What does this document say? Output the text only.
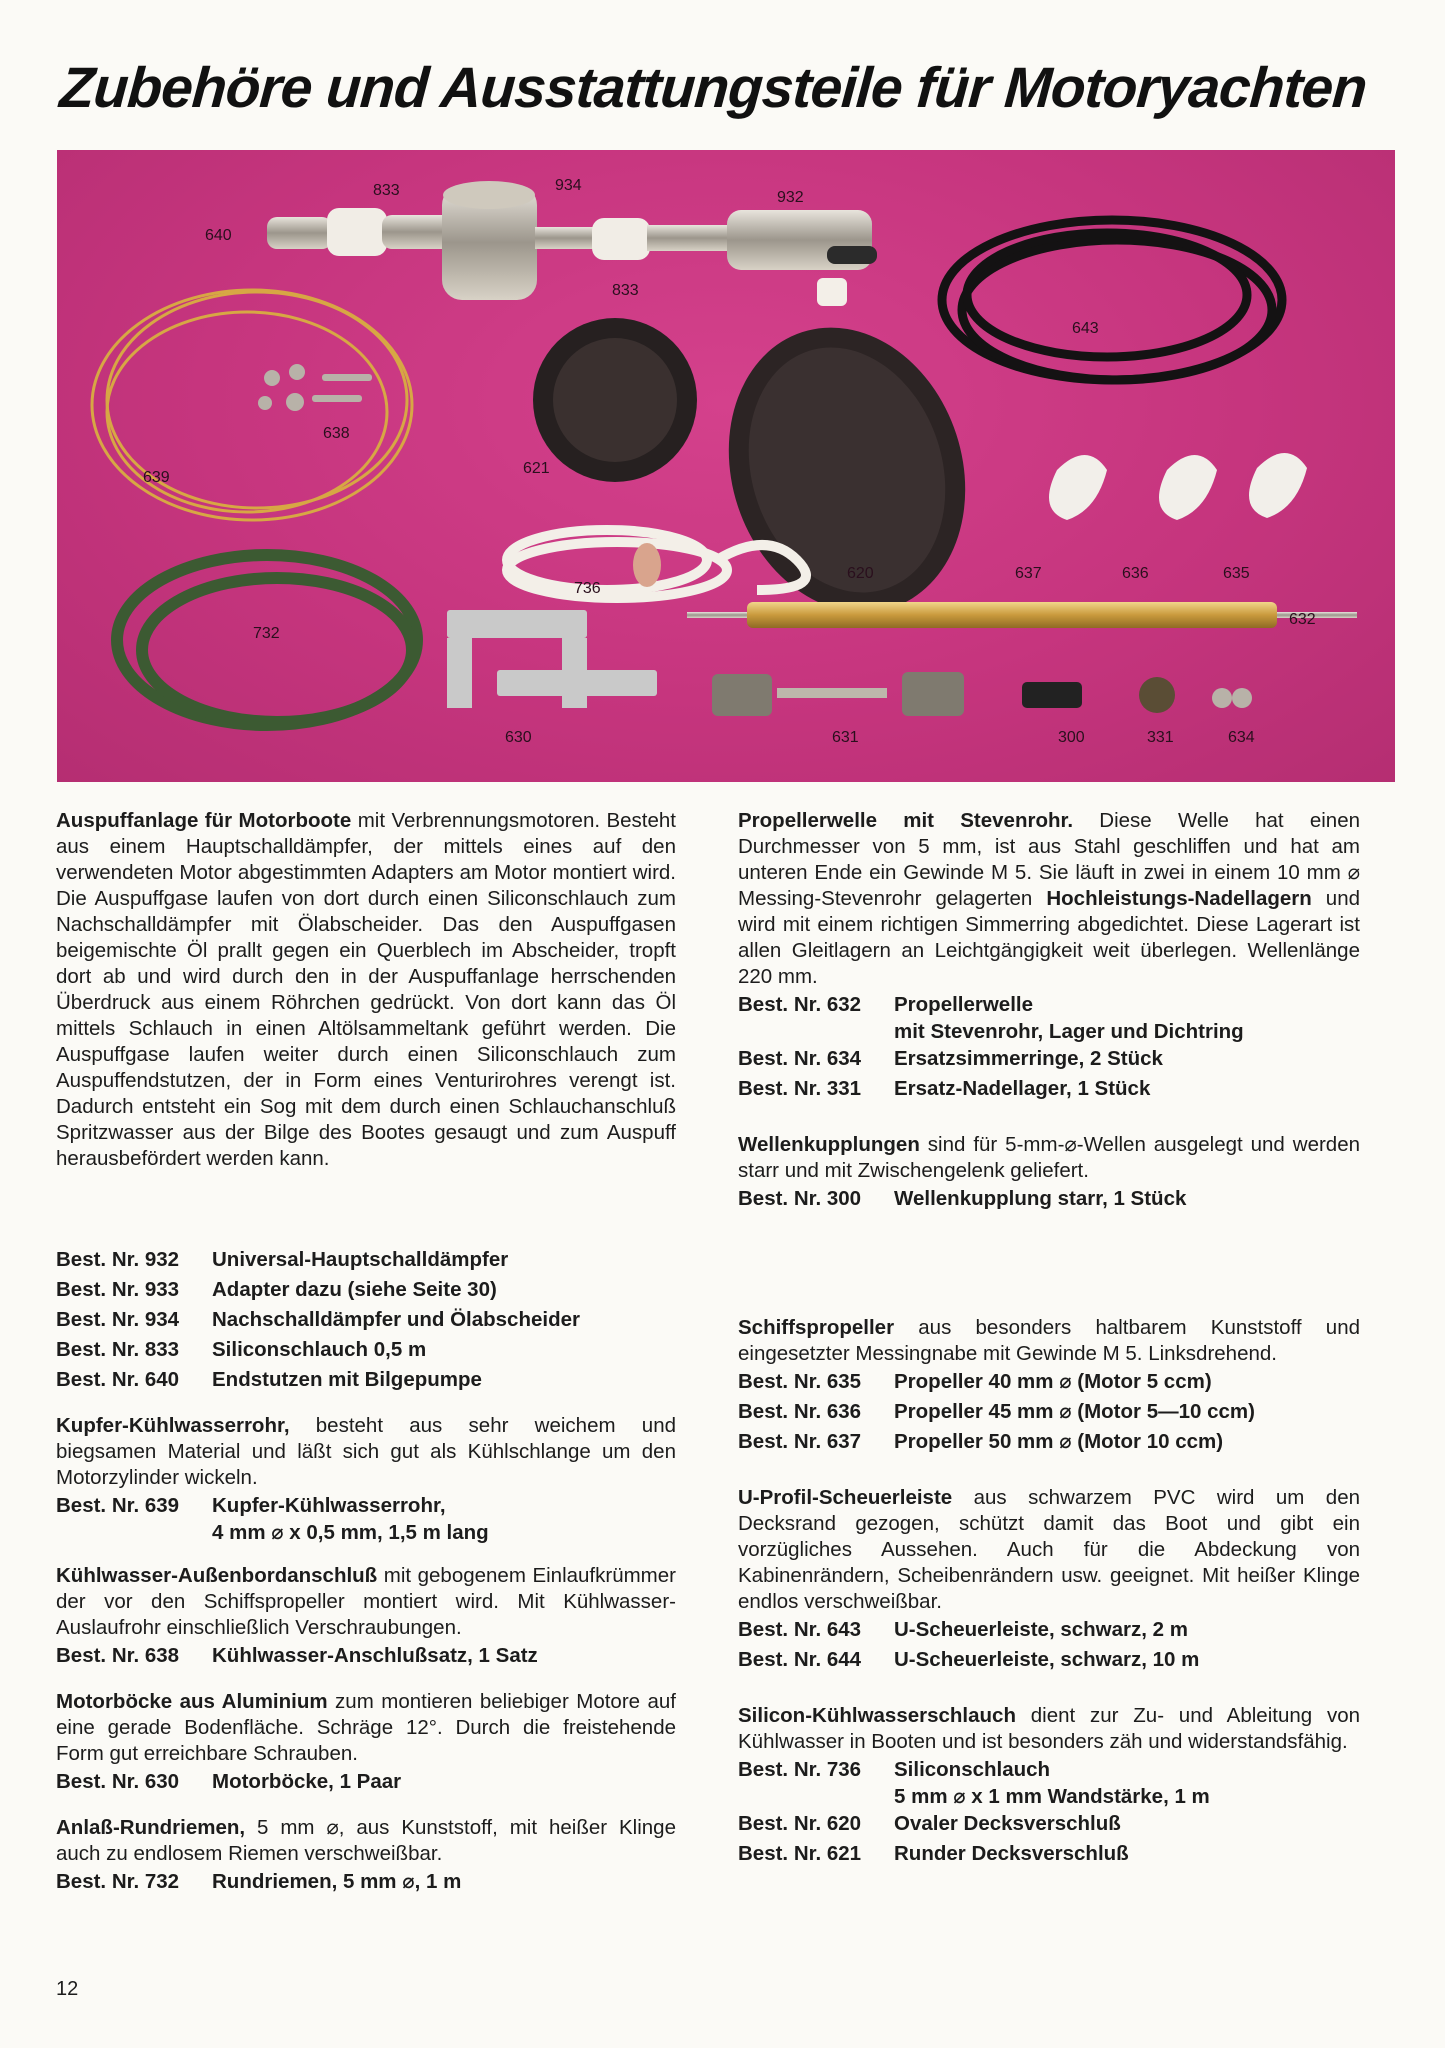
Zubehöre und Ausstattungsteile für Motoryachten
640
833	934
932
833
643
638
621
639
736
620	637	636	635
632
732
630	631	300	331	634

Auspuffanlage für Motorboote mit Verbrennungsmotoren. Besteht aus einem Hauptschalldämpfer, der mittels eines auf den verwendeten Motor abgestimmten Adapters am Motor montiert wird. Die Auspuffgase laufen von dort durch einen Siliconschlauch zum Nachschalldämpfer mit Ölabscheider. Das den Auspuffgasen beigemischte Öl prallt gegen ein Querblech im Abscheider, tropft dort ab und wird durch den in der Auspuffanlage herrschenden Überdruck aus einem Röhrchen gedrückt. Von dort kann das Öl mittels Schlauch in einen Altölsammeltank geführt werden. Die Auspuffgase laufen weiter durch einen Siliconschlauch zum Auspuffendstutzen, der in Form eines Venturirohres verengt ist. Dadurch entsteht ein Sog mit dem durch einen Schlauchanschluß Spritzwasser aus der Bilge des Bootes gesaugt und zum Auspuff herausbefördert werden kann.

Best. Nr. 932	Universal-Hauptschalldämpfer
Best. Nr. 933	Adapter dazu (siehe Seite 30)
Best. Nr. 934	Nachschalldämpfer und Ölabscheider
Best. Nr. 833	Siliconschlauch 0,5 m
Best. Nr. 640	Endstutzen mit Bilgepumpe

Kupfer-Kühlwasserrohr, besteht aus sehr weichem und biegsamen Material und läßt sich gut als Kühlschlange um den Motorzylinder wickeln.

Best. Nr. 639	Kupfer-Kühlwasserrohr,
4 mm ⌀ x 0,5 mm, 1,5 m lang

Kühlwasser-Außenbordanschluß mit gebogenem Einlaufkrümmer der vor den Schiffspropeller montiert wird. Mit Kühlwasser-Auslaufrohr einschließlich Verschraubungen.

Best. Nr. 638	Kühlwasser-Anschlußsatz, 1 Satz

Motorböcke aus Aluminium zum montieren beliebiger Motore auf eine gerade Bodenfläche. Schräge 12°. Durch die freistehende Form gut erreichbare Schrauben.

Best. Nr. 630	Motorböcke, 1 Paar

Anlaß-Rundriemen, 5 mm ⌀, aus Kunststoff, mit heißer Klinge auch zu endlosem Riemen verschweißbar.

Best. Nr. 732	Rundriemen, 5 mm ⌀, 1 m

Propellerwelle mit Stevenrohr. Diese Welle hat einen Durchmesser von 5 mm, ist aus Stahl geschliffen und hat am unteren Ende ein Gewinde M 5. Sie läuft in zwei in einem 10 mm ⌀ Messing-Stevenrohr gelagerten Hochleistungs-Nadellagern und wird mit einem richtigen Simmerring abgedichtet. Diese Lagerart ist allen Gleitlagern an Leichtgängigkeit weit überlegen. Wellenlänge 220 mm.

Best. Nr. 632	Propellerwelle
mit Stevenrohr, Lager und Dichtring
Best. Nr. 634	Ersatzsimmerringe, 2 Stück
Best. Nr. 331	Ersatz-Nadellager, 1 Stück

Wellenkupplungen sind für 5-mm-⌀-Wellen ausgelegt und werden starr und mit Zwischengelenk geliefert.

Best. Nr. 300	Wellenkupplung starr, 1 Stück

Schiffspropeller aus besonders haltbarem Kunststoff und eingesetzter Messingnabe mit Gewinde M 5. Linksdrehend.

Best. Nr. 635	Propeller 40 mm ⌀ (Motor 5 ccm)
Best. Nr. 636	Propeller 45 mm ⌀ (Motor 5—10 ccm)
Best. Nr. 637	Propeller 50 mm ⌀ (Motor 10 ccm)

U-Profil-Scheuerleiste aus schwarzem PVC wird um den Decksrand gezogen, schützt damit das Boot und gibt ein vorzügliches Aussehen. Auch für die Abdeckung von Kabinenrändern, Scheibenrändern usw. geeignet. Mit heißer Klinge endlos verschweißbar.

Best. Nr. 643	U-Scheuerleiste, schwarz, 2 m
Best. Nr. 644	U-Scheuerleiste, schwarz, 10 m

Silicon-Kühlwasserschlauch dient zur Zu- und Ableitung von Kühlwasser in Booten und ist besonders zäh und widerstandsfähig.

Best. Nr. 736	Siliconschlauch
5 mm ⌀ x 1 mm Wandstärke, 1 m
Best. Nr. 620	Ovaler Decksverschluß
Best. Nr. 621	Runder Decksverschluß
12
